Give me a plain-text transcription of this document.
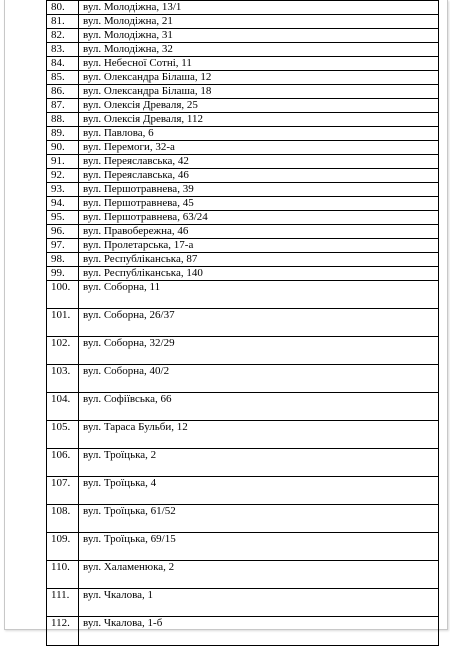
80.	вул. Молодіжна, 13/1
81.	вул. Молодіжна, 21
82.	вул. Молодіжна, 31
83.	вул. Молодіжна, 32
84.	вул. Небесної Сотні, 11
85.	вул. Олександра Білаша, 12
86.	вул. Олександра Білаша, 18
87.	вул. Олексія Древаля, 25
88.	вул. Олексія Древаля, 112
89.	вул. Павлова, 6
90.	вул. Перемоги, 32-а
91.	вул. Переяславська, 42
92.	вул. Переяславська, 46
93.	вул. Першотравнева, 39
94.	вул. Першотравнева, 45
95.	вул. Першотравнева, 63/24
96.	вул. Правобережна, 46
97.	вул. Пролетарська, 17-а
98.	вул. Республіканська, 87
99.	вул. Республіканська, 140
100.	вул. Соборна, 11
101.	вул. Соборна, 26/37
102.	вул. Соборна, 32/29
103.	вул. Соборна, 40/2
104.	вул. Софіївська, 66
105.	вул. Тараса Бульби, 12
106.	вул. Троїцька, 2
107.	вул. Троїцька, 4
108.	вул. Троїцька, 61/52
109.	вул. Троїцька, 69/15
110.	вул. Халаменюка, 2
111.	вул. Чкалова, 1
112.	вул. Чкалова, 1-б
